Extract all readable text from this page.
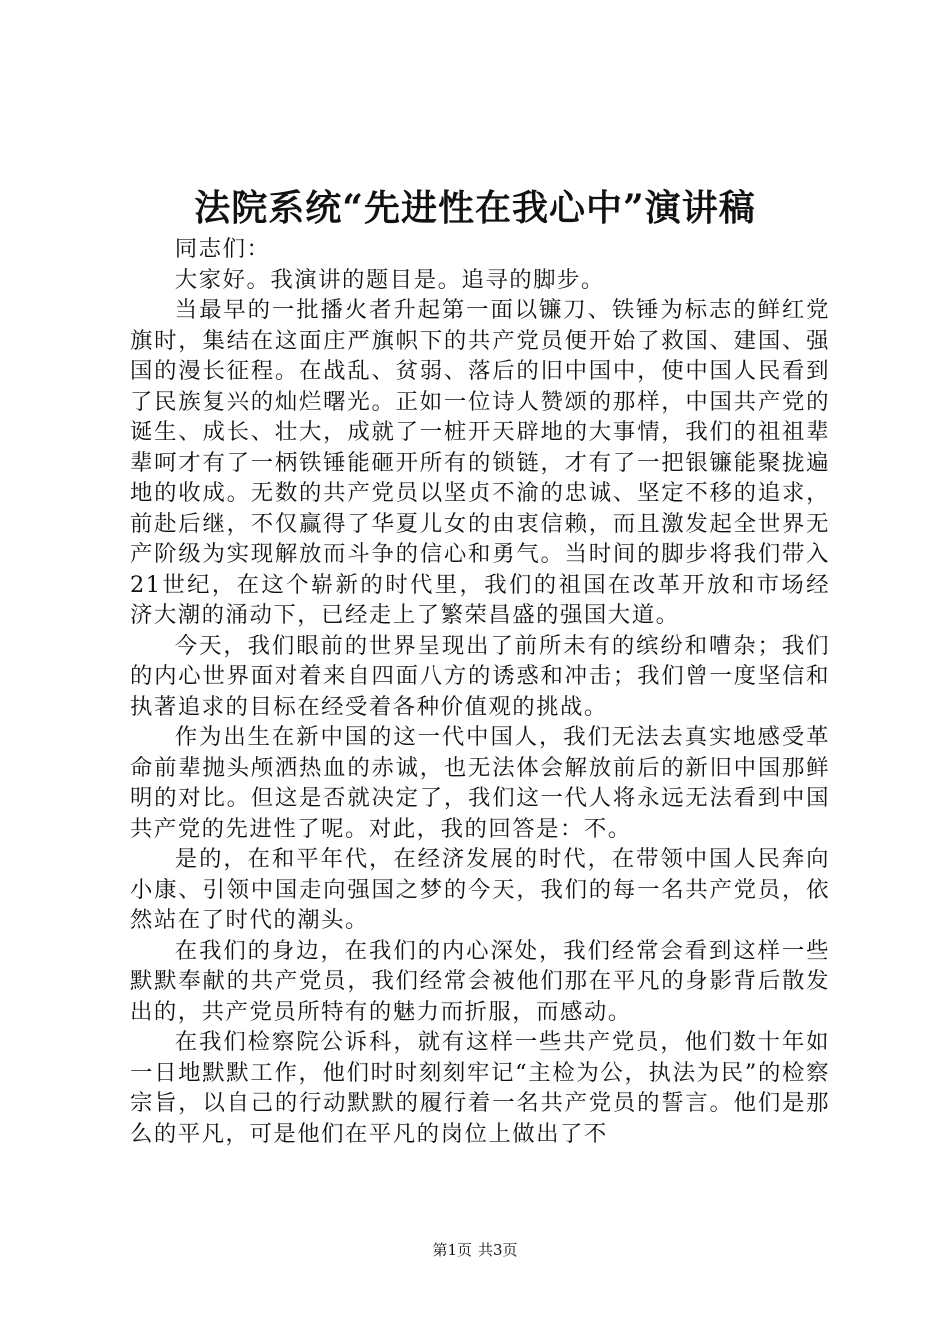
法院系统“先进性在我心中”演讲稿

同志们：

大家好。我演讲的题目是。追寻的脚步。

当最早的一批播火者升起第一面以镰刀、铁锤为标志的鲜红党旗时，集结在这面庄严旗帜下的共产党员便开始了救国、建国、强国的漫长征程。在战乱、贫弱、落后的旧中国中，使中国人民看到了民族复兴的灿烂曙光。正如一位诗人赞颂的那样，中国共产党的诞生、成长、壮大，成就了一桩开天辟地的大事情，我们的祖祖辈辈呵才有了一柄铁锤能砸开所有的锁链，才有了一把银镰能聚拢遍地的收成。无数的共产党员以坚贞不渝的忠诚、坚定不移的追求，前赴后继，不仅赢得了华夏儿女的由衷信赖，而且激发起全世界无产阶级为实现解放而斗争的信心和勇气。当时间的脚步将我们带入21世纪，在这个崭新的时代里，我们的祖国在改革开放和市场经济大潮的涌动下，已经走上了繁荣昌盛的强国大道。

今天，我们眼前的世界呈现出了前所未有的缤纷和嘈杂；我们的内心世界面对着来自四面八方的诱惑和冲击；我们曾一度坚信和执著追求的目标在经受着各种价值观的挑战。

作为出生在新中国的这一代中国人，我们无法去真实地感受革命前辈抛头颅洒热血的赤诚，也无法体会解放前后的新旧中国那鲜明的对比。但这是否就决定了，我们这一代人将永远无法看到中国共产党的先进性了呢。对此，我的回答是：不。

是的，在和平年代，在经济发展的时代，在带领中国人民奔向小康、引领中国走向强国之梦的今天，我们的每一名共产党员，依然站在了时代的潮头。

在我们的身边，在我们的内心深处，我们经常会看到这样一些默默奉献的共产党员，我们经常会被他们那在平凡的身影背后散发出的，共产党员所特有的魅力而折服，而感动。

在我们检察院公诉科，就有这样一些共产党员，他们数十年如一日地默默工作，他们时时刻刻牢记“主检为公，执法为民”的检察宗旨，以自己的行动默默的履行着一名共产党员的誓言。他们是那么的平凡，可是他们在平凡的岗位上做出了不

第1页 共3页
